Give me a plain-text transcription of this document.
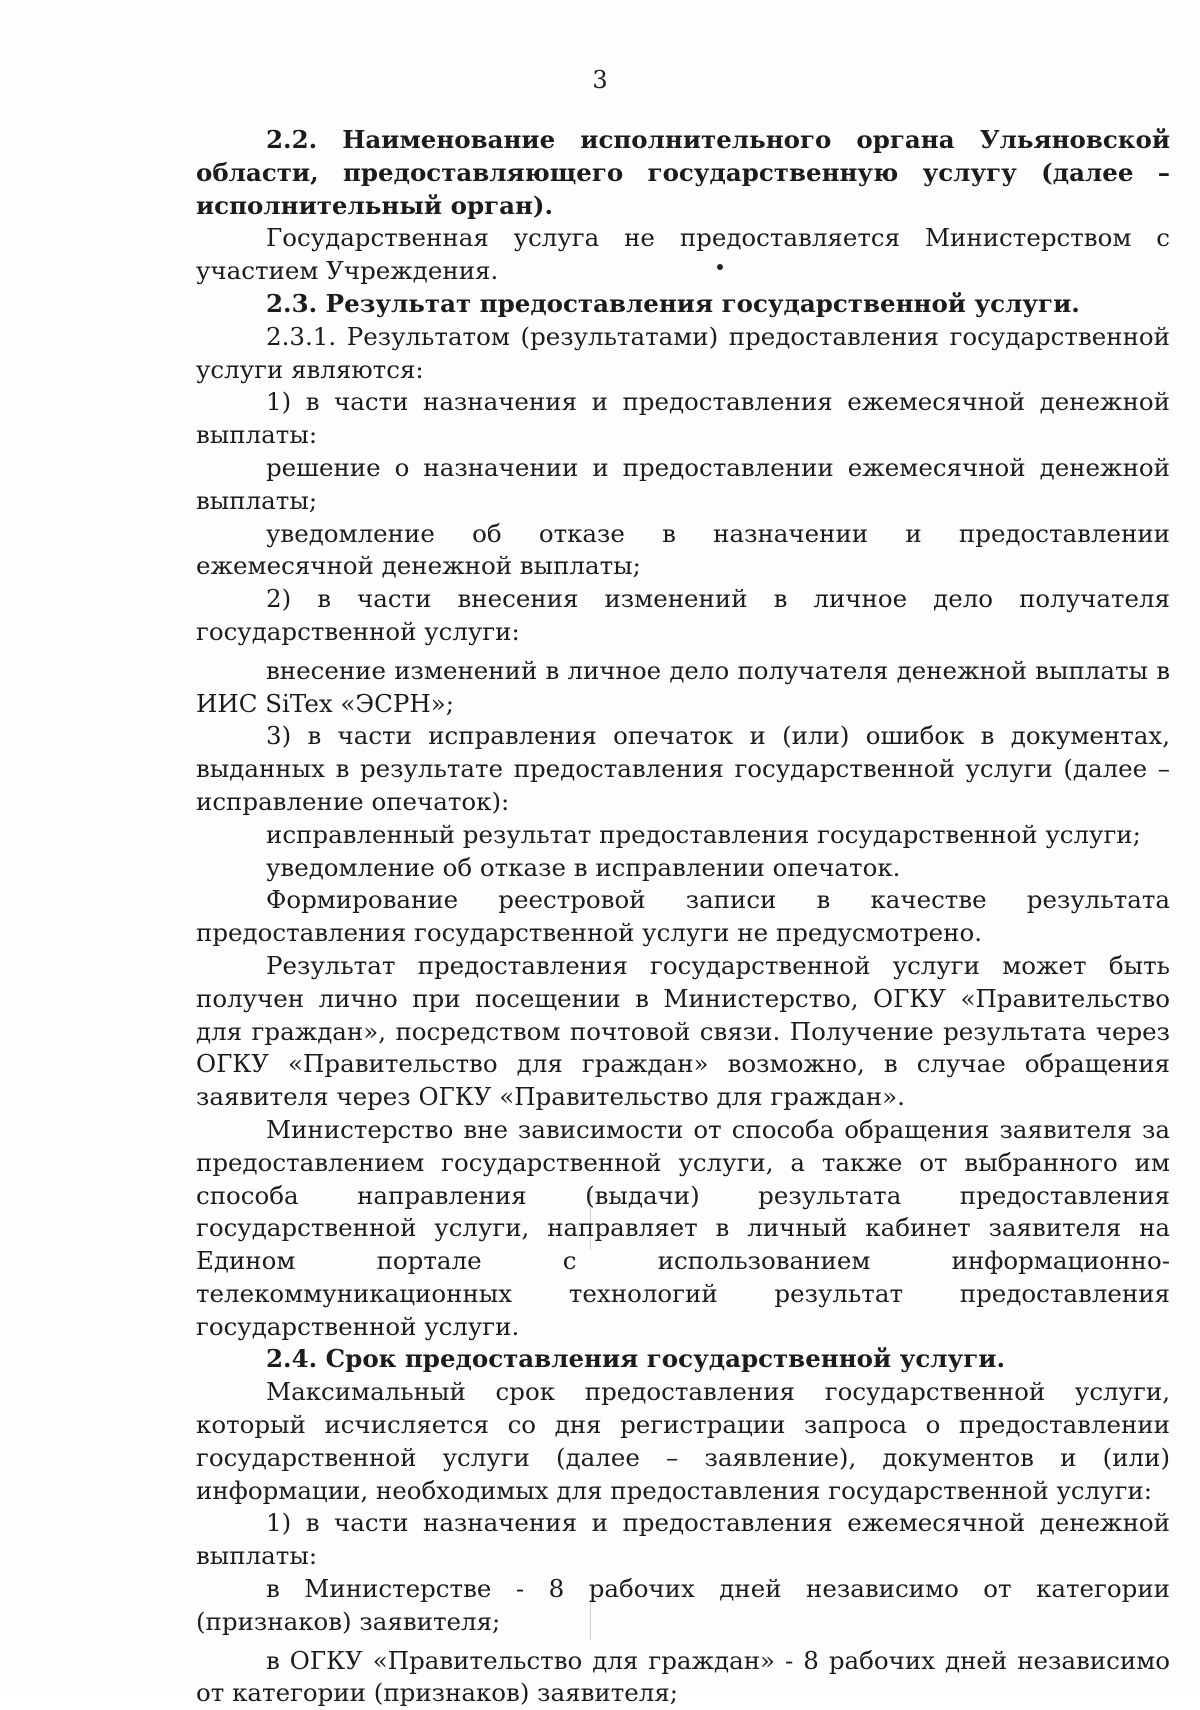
3

2.2. Наименование исполнительного органа Ульяновской области, предоставляющего государственную услугу (далее – исполнительный орган).

Государственная услуга не предоставляется Министерством с участием Учреждения.

2.3. Результат предоставления государственной услуги.

2.3.1. Результатом (результатами) предоставления государственной услуги являются:

1) в части назначения и предоставления ежемесячной денежной выплаты:

решение о назначении и предоставлении ежемесячной денежной выплаты;

уведомление об отказе в назначении и предоставлении ежемесячной денежной выплаты;

2) в части внесения изменений в личное дело получателя государственной услуги:

внесение изменений в личное дело получателя денежной выплаты в ИИС SiTex «ЭСРН»;

3) в части исправления опечаток и (или) ошибок в документах, выданных в результате предоставления государственной услуги (далее – исправление опечаток):

исправленный результат предоставления государственной услуги;

уведомление об отказе в исправлении опечаток.

Формирование реестровой записи в качестве результата предоставления государственной услуги не предусмотрено.

Результат предоставления государственной услуги может быть получен лично при посещении в Министерство, ОГКУ «Правительство для граждан», посредством почтовой связи. Получение результата через ОГКУ «Правительство для граждан» возможно, в случае обращения заявителя через ОГКУ «Правительство для граждан».

Министерство вне зависимости от способа обращения заявителя за предоставлением государственной услуги, а также от выбранного им способа направления (выдачи) результата предоставления государственной услуги, направляет в личный кабинет заявителя на Едином портале с использованием информационно-телекоммуникационных технологий результат предоставления государственной услуги.

2.4. Срок предоставления государственной услуги.

Максимальный срок предоставления государственной услуги, который исчисляется со дня регистрации запроса о предоставлении государственной услуги (далее – заявление), документов и (или) информации, необходимых для предоставления государственной услуги:

1) в части назначения и предоставления ежемесячной денежной выплаты:

в Министерстве - 8 рабочих дней независимо от категории (признаков) заявителя;

в ОГКУ «Правительство для граждан» - 8 рабочих дней независимо от категории (признаков) заявителя;
